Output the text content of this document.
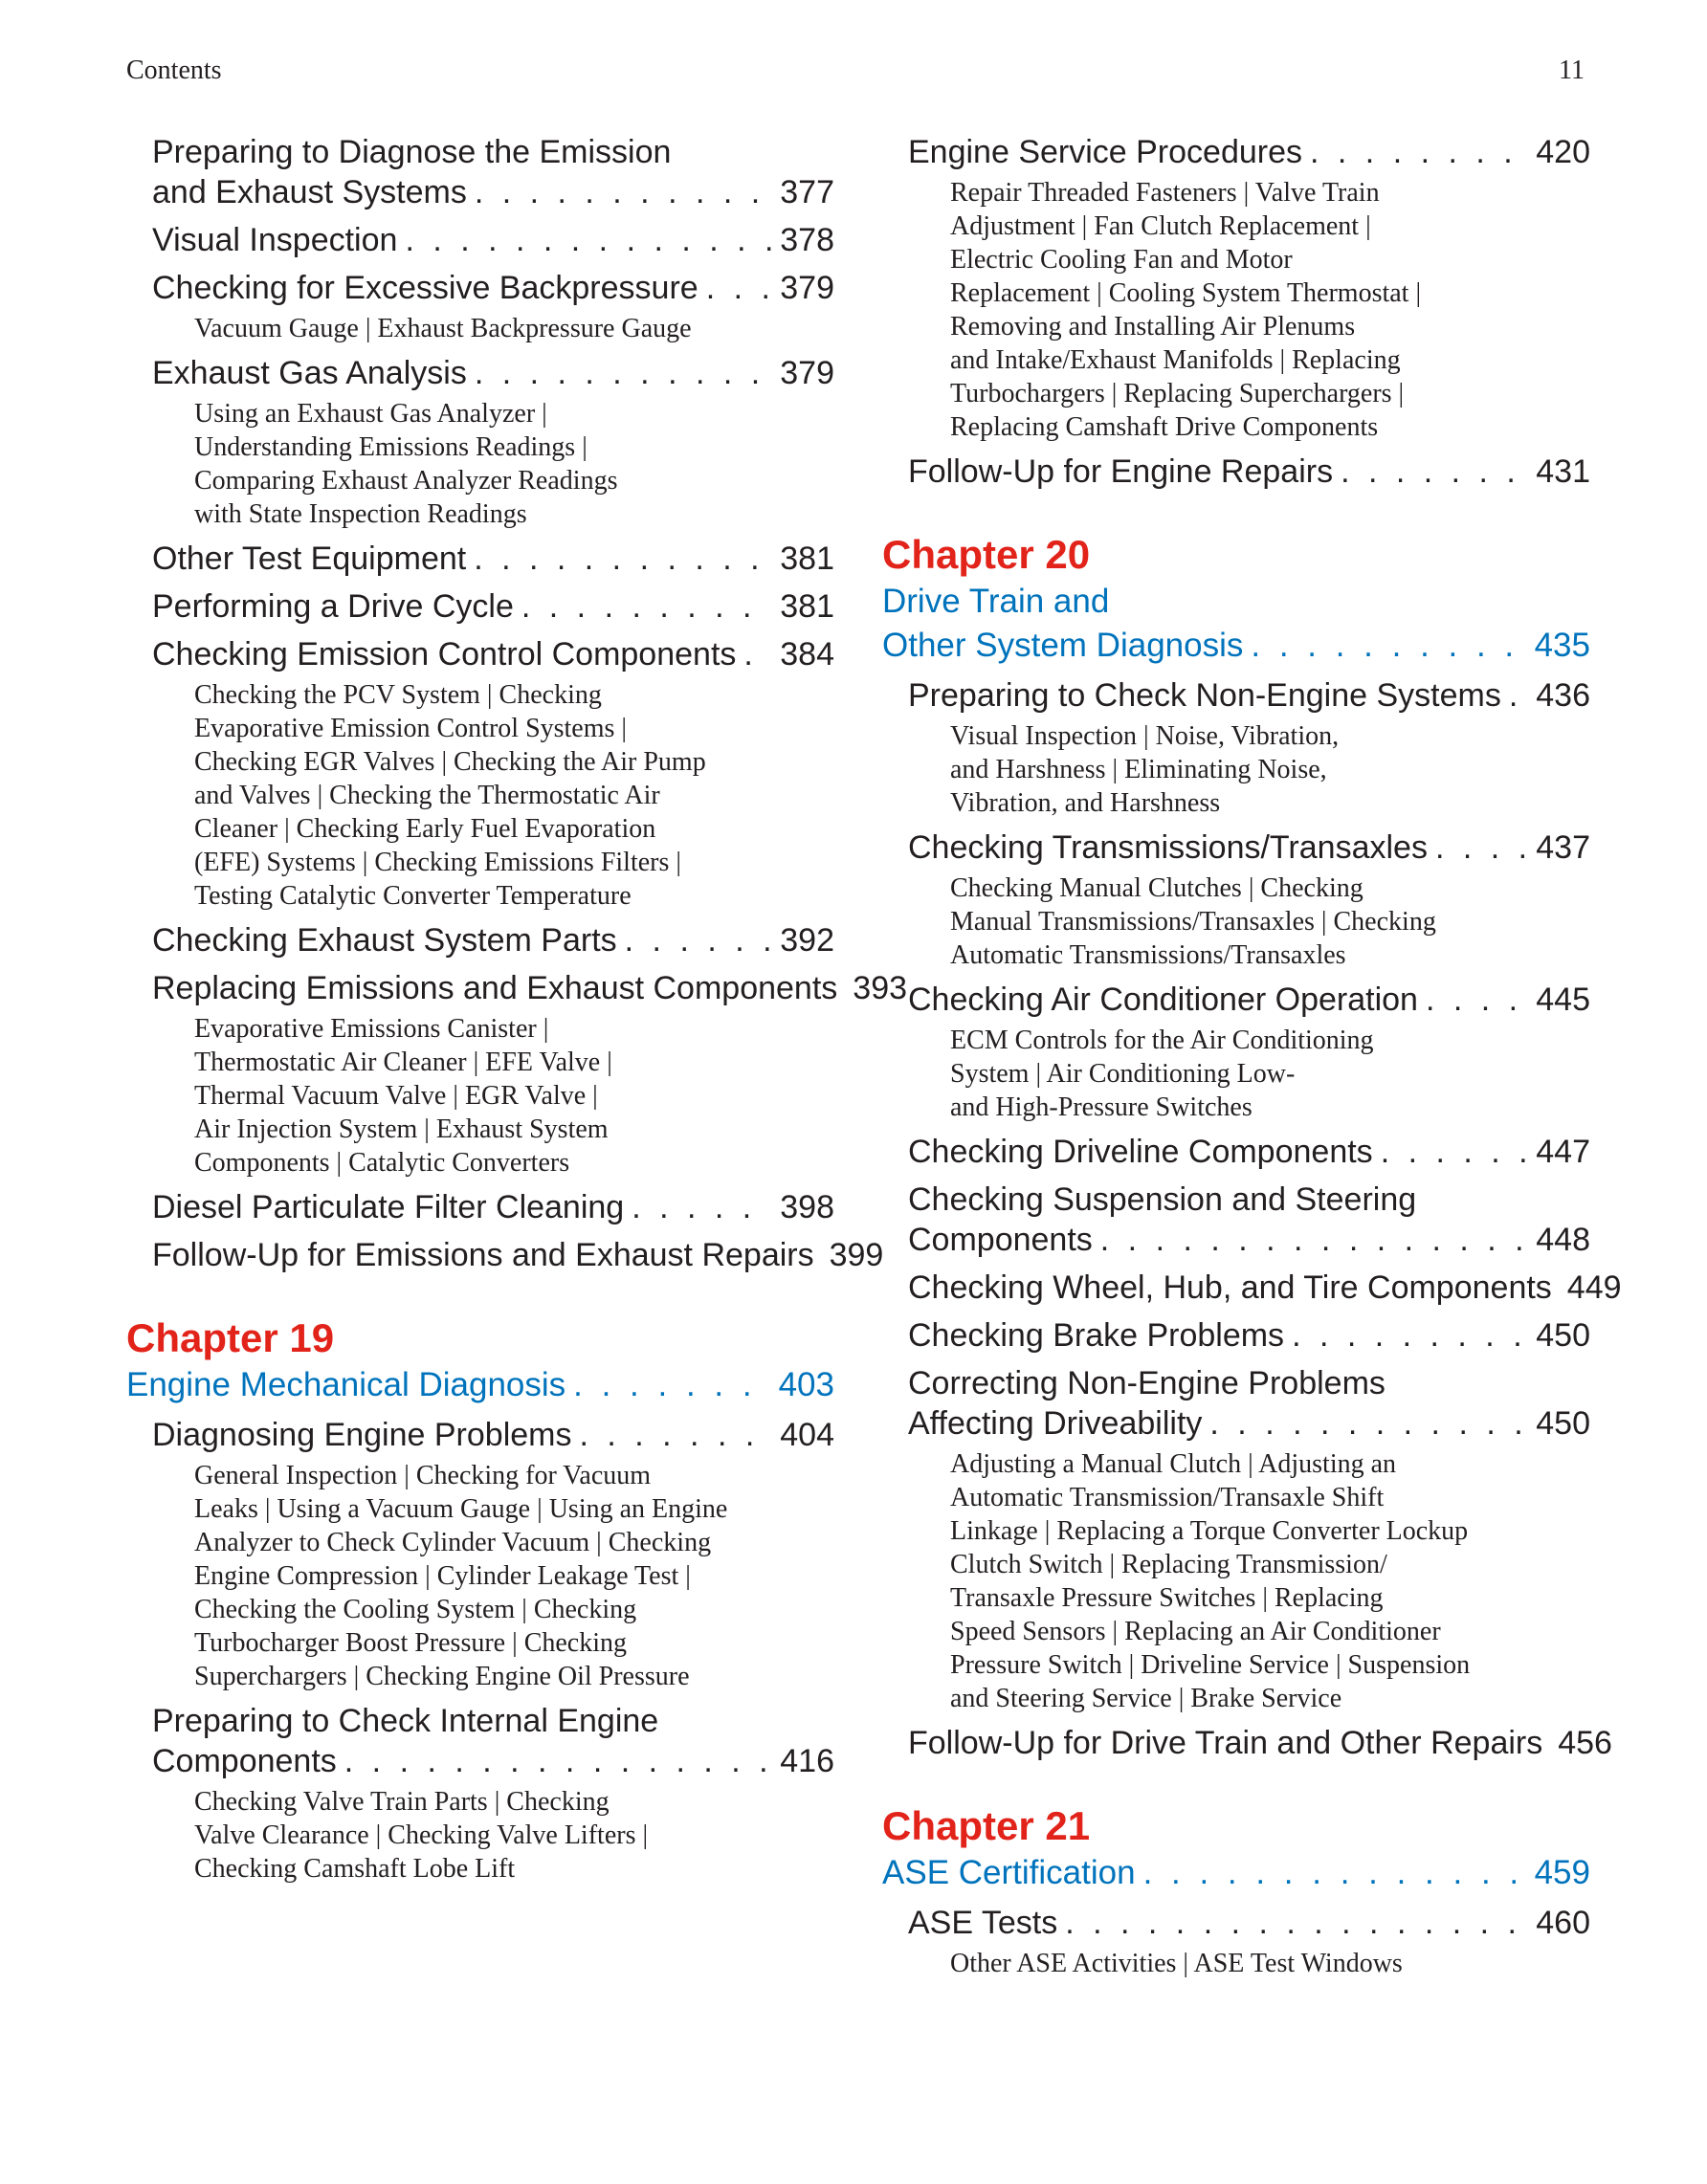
Contents	11
Preparing to Diagnose the Emission
and Exhaust Systems . . .	377
Visual Inspection . . .	378
Checking for Excessive Backpressure . . .	379
Vacuum Gauge | Exhaust Backpressure Gauge
Exhaust Gas Analysis . . .	379
Using an Exhaust Gas Analyzer |
Understanding Emissions Readings |
Comparing Exhaust Analyzer Readings
with State Inspection Readings
Other Test Equipment . . .	381
Performing a Drive Cycle . . .	381
Checking Emission Control Components . . . 384
Checking the PCV System | Checking
Evaporative Emission Control Systems |
Checking EGR Valves | Checking the Air Pump
and Valves | Checking the Thermostatic Air
Cleaner | Checking Early Fuel Evaporation
(EFE) Systems | Checking Emissions Filters |
Testing Catalytic Converter Temperature
Checking Exhaust System Parts . . .	392
Replacing Emissions and Exhaust Components 393
Evaporative Emissions Canister |
Thermostatic Air Cleaner | EFE Valve |
Thermal Vacuum Valve | EGR Valve |
Air Injection System | Exhaust System
Components | Catalytic Converters
Diesel Particulate Filter Cleaning . . .	398
Follow-Up for Emissions and Exhaust Repairs 399
Chapter 19
Engine Mechanical Diagnosis . . .	403
Diagnosing Engine Problems . . .	404
General Inspection | Checking for Vacuum
Leaks | Using a Vacuum Gauge | Using an Engine
Analyzer to Check Cylinder Vacuum | Checking
Engine Compression | Cylinder Leakage Test |
Checking the Cooling System | Checking
Turbocharger Boost Pressure | Checking
Superchargers | Checking Engine Oil Pressure
Preparing to Check Internal Engine
Components . . .	416
Checking Valve Train Parts | Checking
Valve Clearance | Checking Valve Lifters |
Checking Camshaft Lobe Lift
Engine Service Procedures . . .	420
Repair Threaded Fasteners | Valve Train
Adjustment | Fan Clutch Replacement |
Electric Cooling Fan and Motor
Replacement | Cooling System Thermostat |
Removing and Installing Air Plenums
and Intake/Exhaust Manifolds | Replacing
Turbochargers | Replacing Superchargers |
Replacing Camshaft Drive Components
Follow-Up for Engine Repairs . . .	431
Chapter 20
Drive Train and
Other System Diagnosis . . .	435
Preparing to Check Non-Engine Systems . . . 436
Visual Inspection | Noise, Vibration,
and Harshness | Eliminating Noise,
Vibration, and Harshness
Checking Transmissions/Transaxles . . .	437
Checking Manual Clutches | Checking
Manual Transmissions/Transaxles | Checking
Automatic Transmissions/Transaxles
Checking Air Conditioner Operation . . .	445
ECM Controls for the Air Conditioning
System | Air Conditioning Low-
and High-Pressure Switches
Checking Driveline Components . . .	447
Checking Suspension and Steering
Components . . .	448
Checking Wheel, Hub, and Tire Components 449
Checking Brake Problems . . .	450
Correcting Non-Engine Problems
Affecting Driveability . . .	450
Adjusting a Manual Clutch | Adjusting an
Automatic Transmission/Transaxle Shift
Linkage | Replacing a Torque Converter Lockup
Clutch Switch | Replacing Transmission/
Transaxle Pressure Switches | Replacing
Speed Sensors | Replacing an Air Conditioner
Pressure Switch | Driveline Service | Suspension
and Steering Service | Brake Service
Follow-Up for Drive Train and Other Repairs 456
Chapter 21
ASE Certification . . .	459
ASE Tests . . .	460
Other ASE Activities | ASE Test Windows
